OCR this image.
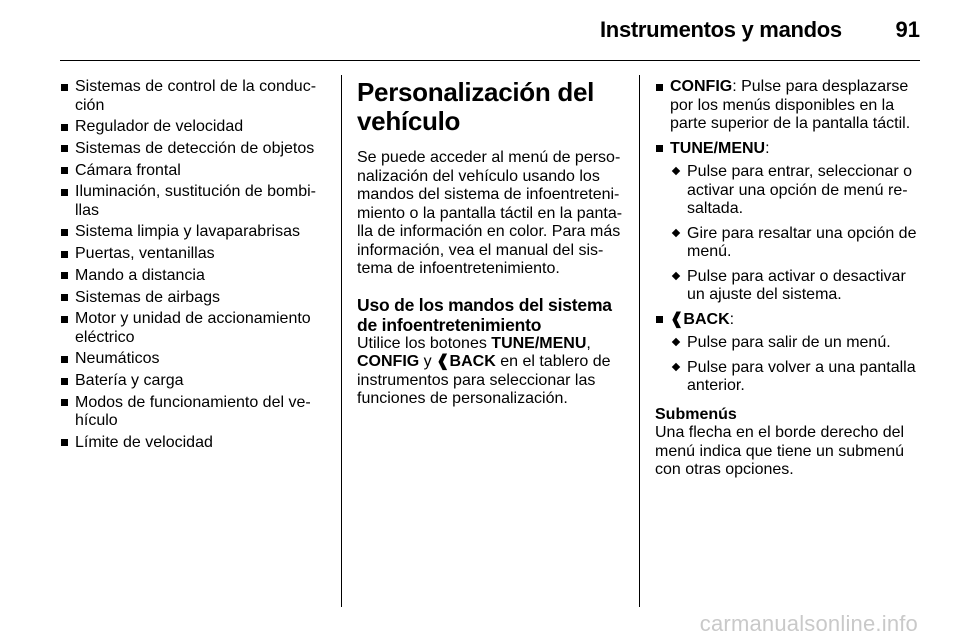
Instrumentos y mandos 91
Sistemas de control de la conduc-ción
Regulador de velocidad
Sistemas de detección de objetos
Cámara frontal
Iluminación, sustitución de bombi-llas
Sistema limpia y lavaparabrisas
Puertas, ventanillas
Mando a distancia
Sistemas de airbags
Motor y unidad de accionamiento eléctrico
Neumáticos
Batería y carga
Modos de funcionamiento del ve-hículo
Límite de velocidad
Personalización del vehículo

Se puede acceder al menú de perso-nalización del vehículo usando los mandos del sistema de infoentreteni-miento o la pantalla táctil en la panta-lla de información en color. Para más información, vea el manual del sis-tema de infoentretenimiento.

Uso de los mandos del sistema de infoentretenimiento

Utilice los botones TUNE/MENU, CONFIG y ❰BACK en el tablero de instrumentos para seleccionar las funciones de personalización.

CONFIG: Pulse para desplazarse por los menús disponibles en la parte superior de la pantalla táctil.
TUNE/MENU:
Pulse para entrar, seleccionar o activar una opción de menú re-saltada.
Gire para resaltar una opción de menú.
Pulse para activar o desactivar un ajuste del sistema.
❰BACK:
Pulse para salir de un menú.
Pulse para volver a una pantalla anterior.

Submenús

Una flecha en el borde derecho del menú indica que tiene un submenú con otras opciones.

carmanualsonline.info
